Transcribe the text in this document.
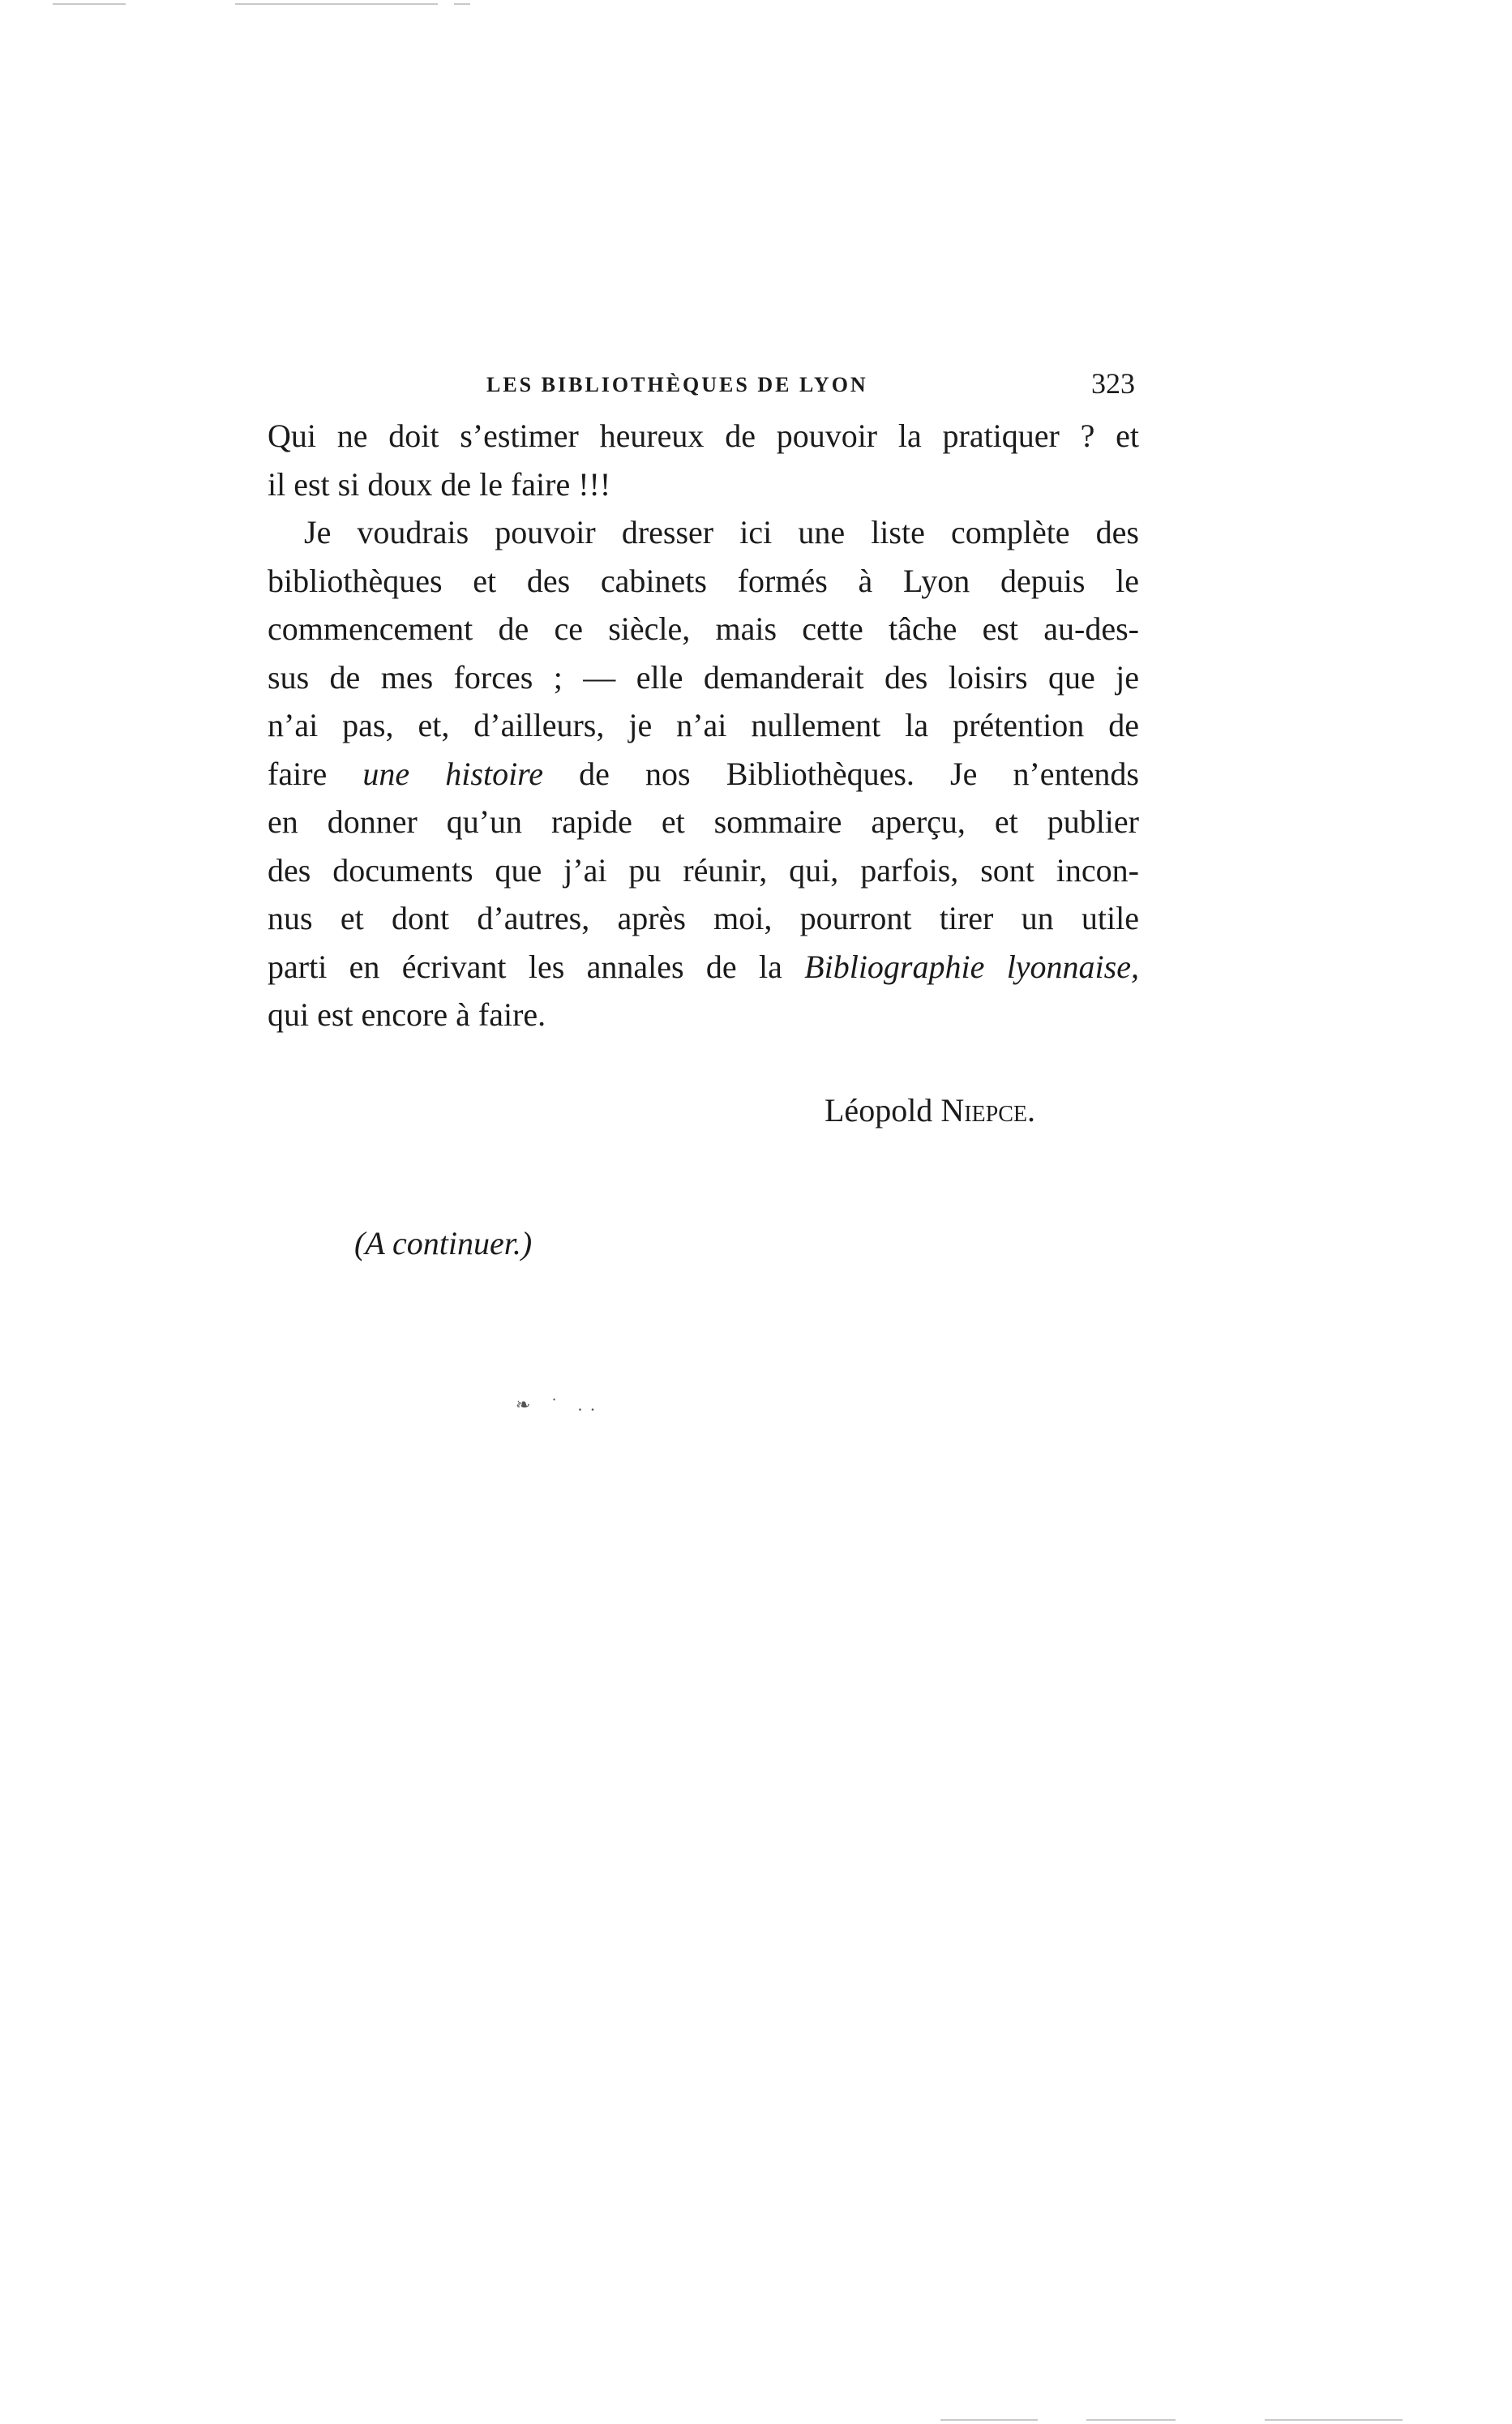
LES BIBLIOTHÈQUES DE LYON	323
Qui ne doit s’estimer heureux de pouvoir la pratiquer ? et
il est si doux de le faire !!!
Je voudrais pouvoir dresser ici une liste complète des
bibliothèques et des cabinets formés à Lyon depuis le
commencement de ce siècle, mais cette tâche est au-des-
sus de mes forces ; — elle demanderait des loisirs que je
n’ai pas, et, d’ailleurs, je n’ai nullement la prétention de
faire une histoire de nos Bibliothèques. Je n’entends
en donner qu’un rapide et sommaire aperçu, et publier
des documents que j’ai pu réunir, qui, parfois, sont incon-
nus et dont d’autres, après moi, pourront tirer un utile
parti en écrivant les annales de la Bibliographie lyonnaise,
qui est encore à faire.
Léopold Niepce.
(A continuer.)
❧ ˙ ..
